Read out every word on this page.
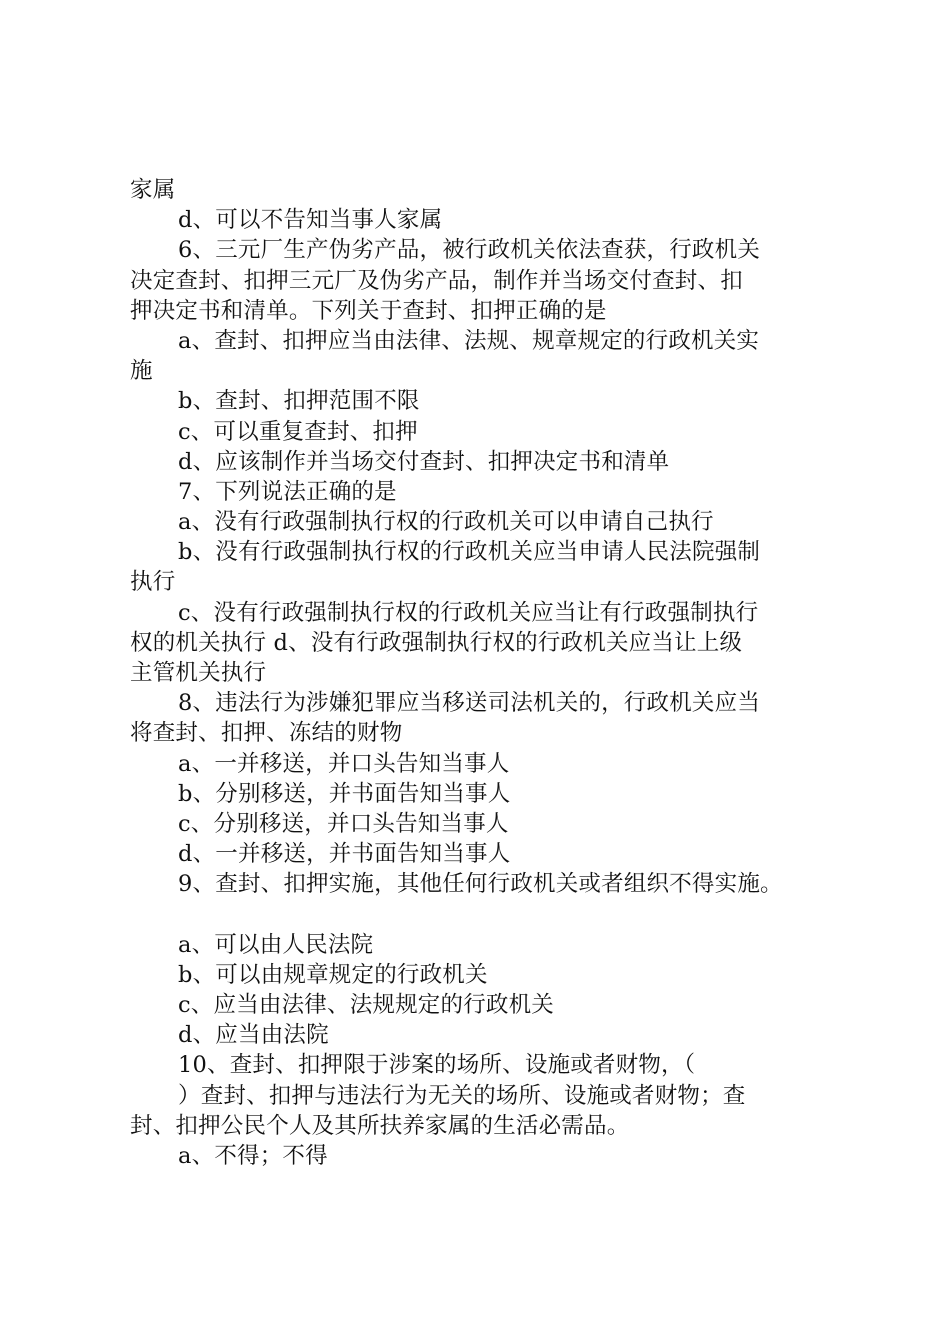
家属

d、可以不告知当事人家属

6、三元厂生产伪劣产品，被行政机关依法查获，行政机关

决定查封、扣押三元厂及伪劣产品，制作并当场交付查封、扣

押决定书和清单。下列关于查封、扣押正确的是

a、查封、扣押应当由法律、法规、规章规定的行政机关实

施

b、查封、扣押范围不限

c、可以重复查封、扣押

d、应该制作并当场交付查封、扣押决定书和清单

7、下列说法正确的是

a、没有行政强制执行权的行政机关可以申请自己执行

b、没有行政强制执行权的行政机关应当申请人民法院强制

执行

c、没有行政强制执行权的行政机关应当让有行政强制执行

权的机关执行 d、没有行政强制执行权的行政机关应当让上级

主管机关执行

8、违法行为涉嫌犯罪应当移送司法机关的，行政机关应当

将查封、扣押、冻结的财物

a、一并移送，并口头告知当事人

b、分别移送，并书面告知当事人

c、分别移送，并口头告知当事人

d、一并移送，并书面告知当事人

9、查封、扣押实施，其他任何行政机关或者组织不得实施。

a、可以由人民法院

b、可以由规章规定的行政机关

c、应当由法律、法规规定的行政机关

d、应当由法院

10、查封、扣押限于涉案的场所、设施或者财物，（

）查封、扣押与违法行为无关的场所、设施或者财物；查

封、扣押公民个人及其所扶养家属的生活必需品。

a、不得；不得
